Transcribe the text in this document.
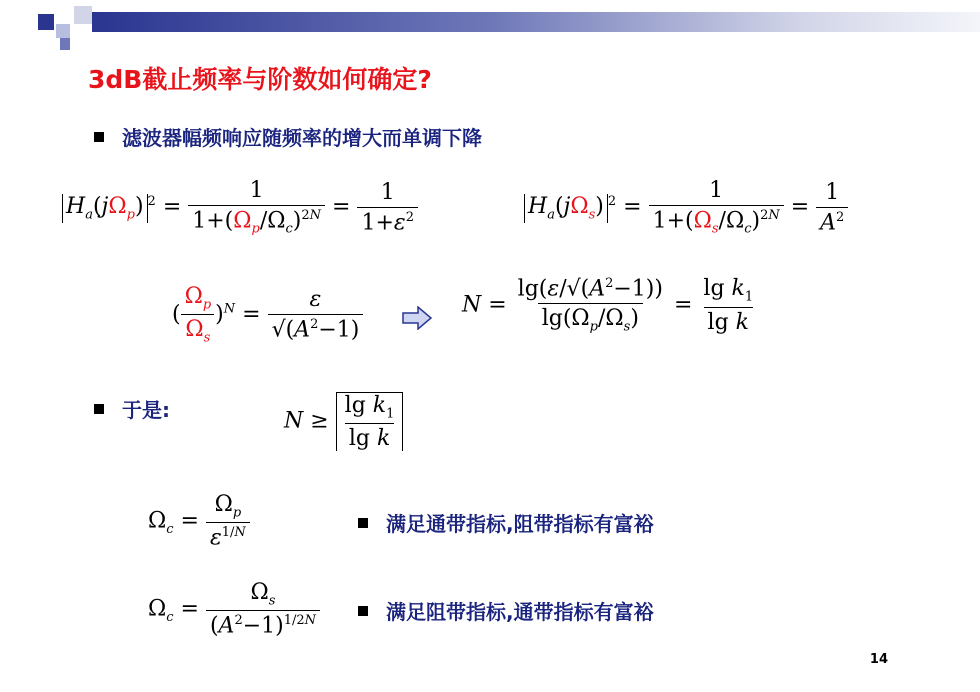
3dB截止频率与阶数如何确定?
滤波器幅频响应随频率的增大而单调下降
$H_a(j\Omega_p) ^2 = \frac{1}{1+(\Omega_p/\Omega_c)^{2N}} = \frac{1}{1+\varepsilon^2}$	$H_a(j\Omega_s) ^2 = \frac{1}{1+(\Omega_s/\Omega_c)^{2N}} = \frac{1}{A^2}$
( $\frac{\Omega_p}{\Omega_s} )^N = \frac{\varepsilon}{√(A^2-1)}$	$N = \frac{\lg(\varepsilon/√(A^2-1))}{\lg(\Omega_p/\Omega_s)} = \frac{\lg k_1}{\text{lg k}}$
于是:	$N \ge \frac{\lg k_1}{\text{lg k}}$
$\Omega_c = \frac{\Omega_p}{\varepsilon^{1/N}}$	满足通带指标,阻带指标有富裕
$\Omega_c = \frac{\Omega_s}{(A^2-1)^{1/2N}}$	满足阻带指标,通带指标有富裕
14
